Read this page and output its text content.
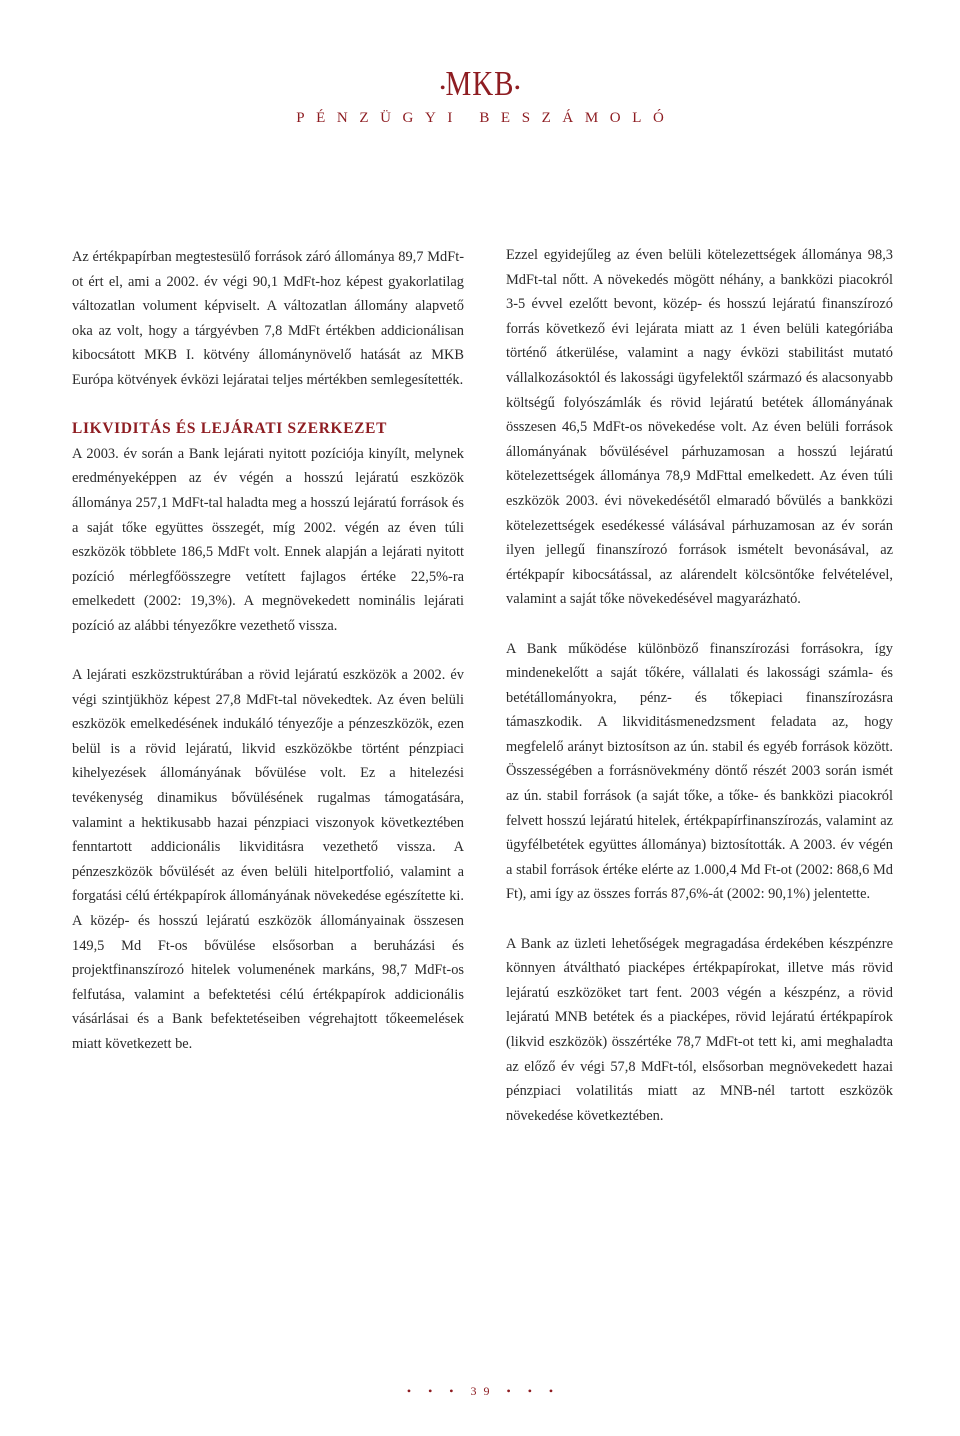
•MKB•
PÉNZÜGYI BESZÁMOLÓ

Az értékpapírban megtestesülő források záró állománya 89,7 MdFt-ot ért el, ami a 2002. év végi 90,1 MdFt-hoz képest gyakorlatilag változatlan volument képviselt. A változatlan állomány alapvető oka az volt, hogy a tárgyévben 7,8 MdFt értékben addicionálisan kibocsátott MKB I. kötvény állománynövelő hatását az MKB Európa kötvények évközi lejáratai teljes mértékben semlegesítették.

LIKVIDITÁS ÉS LEJÁRATI SZERKEZET

A 2003. év során a Bank lejárati nyitott pozíciója kinyílt, melynek eredményeképpen az év végén a hosszú lejáratú eszközök állománya 257,1 MdFt-tal haladta meg a hosszú lejáratú források és a saját tőke együttes összegét, míg 2002. végén az éven túli eszközök többlete 186,5 MdFt volt. Ennek alapján a lejárati nyitott pozíció mérlegfőösszegre vetített fajlagos értéke 22,5%-ra emelkedett (2002: 19,3%). A megnövekedett nominális lejárati pozíció az alábbi tényezőkre vezethető vissza.

A lejárati eszközstruktúrában a rövid lejáratú eszközök a 2002. év végi szintjükhöz képest 27,8 MdFt-tal növekedtek. Az éven belüli eszközök emelkedésének indukáló tényezője a pénzeszközök, ezen belül is a rövid lejáratú, likvid eszközökbe történt pénzpiaci kihelyezések állományának bővülése volt. Ez a hitelezési tevékenység dinamikus bővülésének rugalmas támogatására, valamint a hektikusabb hazai pénzpiaci viszonyok következtében fenntartott addicionális likviditásra vezethető vissza. A pénzeszközök bővülését az éven belüli hitelportfolió, valamint a forgatási célú értékpapírok állományának növekedése egészítette ki. A közép- és hosszú lejáratú eszközök állományainak összesen 149,5 Md Ft-os bővülése elsősorban a beruházási és projektfinanszírozó hitelek volumenének markáns, 98,7 MdFt-os felfutása, valamint a befektetési célú értékpapírok addicionális vásárlásai és a Bank befektetéseiben végrehajtott tőkeemelések miatt következett be.

Ezzel egyidejűleg az éven belüli kötelezettségek állománya 98,3 MdFt-tal nőtt. A növekedés mögött néhány, a bankközi piacokról 3-5 évvel ezelőtt bevont, közép- és hosszú lejáratú finanszírozó forrás következő évi lejárata miatt az 1 éven belüli kategóriába történő átkerülése, valamint a nagy évközi stabilitást mutató vállalkozásoktól és lakossági ügyfelektől származó és alacsonyabb költségű folyószámlák és rövid lejáratú betétek állományának összesen 46,5 MdFt-os növekedése volt. Az éven belüli források állományának bővülésével párhuzamosan a hosszú lejáratú kötelezettségek állománya 78,9 MdFttal emelkedett. Az éven túli eszközök 2003. évi növekedésétől elmaradó bővülés a bankközi kötelezettségek esedékessé válásával párhuzamosan az év során ilyen jellegű finanszírozó források ismételt bevonásával, az értékpapír kibocsátással, az alárendelt kölcsöntőke felvételével, valamint a saját tőke növekedésével magyarázható.

A Bank működése különböző finanszírozási forrásokra, így mindenekelőtt a saját tőkére, vállalati és lakossági számla- és betétállományokra, pénz- és tőkepiaci finanszírozásra támaszkodik. A likviditásmenedzsment feladata az, hogy megfelelő arányt biztosítson az ún. stabil és egyéb források között. Összességében a forrásnövekmény döntő részét 2003 során ismét az ún. stabil források (a saját tőke, a tőke- és bankközi piacokról felvett hosszú lejáratú hitelek, értékpapírfinanszírozás, valamint az ügyfélbetétek együttes állománya) biztosították. A 2003. év végén a stabil források értéke elérte az 1.000,4 Md Ft-ot (2002: 868,6 Md Ft), ami így az összes forrás 87,6%-át (2002: 90,1%) jelentette.

A Bank az üzleti lehetőségek megragadása érdekében készpénzre könnyen átváltható piacképes értékpapírokat, illetve más rövid lejáratú eszközöket tart fent. 2003 végén a készpénz, a rövid lejáratú MNB betétek és a piacképes, rövid lejáratú értékpapírok (likvid eszközök) összértéke 78,7 MdFt-ot tett ki, ami meghaladta az előző év végi 57,8 MdFt-tól, elsősorban megnövekedett hazai pénzpiaci volatilitás miatt az MNB-nél tartott eszközök növekedése következtében.

• • • 39 • • •
